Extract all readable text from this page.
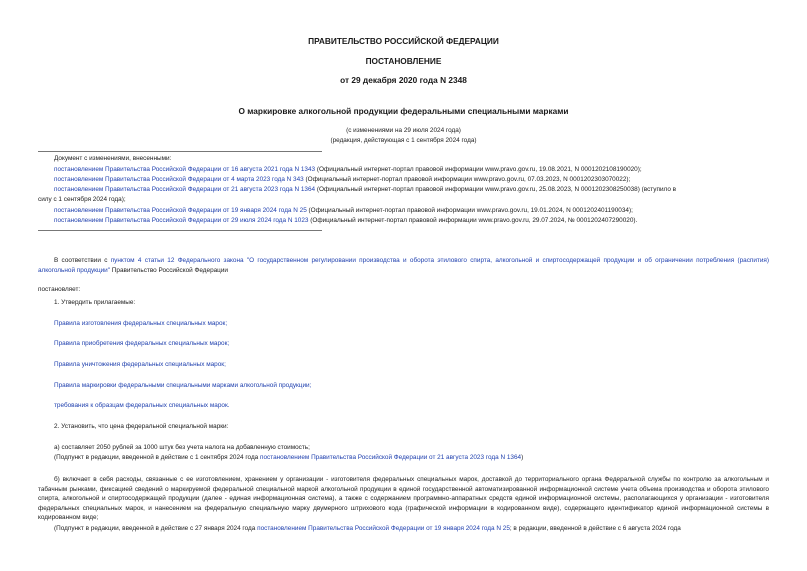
ПРАВИТЕЛЬСТВО РОССИЙСКОЙ ФЕДЕРАЦИИ
ПОСТАНОВЛЕНИЕ
от 29 декабря 2020 года N 2348
О маркировке алкогольной продукции федеральными специальными марками
(с изменениями на 29 июля 2024 года)
(редакция, действующая с 1 сентября 2024 года)
Документ с изменениями, внесенными:
постановлением Правительства Российской Федерации от 16 августа 2021 года N 1343 (Официальный интернет-портал правовой информации www.pravo.gov.ru, 19.08.2021, N 0001202108190020);
постановлением Правительства Российской Федерации от 4 марта 2023 года N 343 (Официальный интернет-портал правовой информации www.pravo.gov.ru, 07.03.2023, N 0001202303070022);
постановлением Правительства Российской Федерации от 21 августа 2023 года N 1364 (Официальный интернет-портал правовой информации www.pravo.gov.ru, 25.08.2023, N 0001202308250038) (вступило в
силу с 1 сентября 2024 года);
постановлением Правительства Российской Федерации от 19 января 2024 года N 25 (Официальный интернет-портал правовой информации www.pravo.gov.ru, 19.01.2024, N 0001202401190034);
постановлением Правительства Российской Федерации от 29 июля 2024 года N 1023 (Официальный интернет-портал правовой информации www.pravo.gov.ru, 29.07.2024, № 0001202407290020).
В соответствии с пунктом 4 статьи 12 Федерального закона "О государственном регулировании производства и оборота этилового спирта, алкогольной и спиртосодержащей продукции и об ограничении потребления (распития) алкогольной продукции" Правительство Российской Федерации
постановляет:
1. Утвердить прилагаемые:
Правила изготовления федеральных специальных марок;
Правила приобретения федеральных специальных марок;
Правила уничтожения федеральных специальных марок;
Правила маркировки федеральными специальными марками алкогольной продукции;
требования к образцам федеральных специальных марок.
2. Установить, что цена федеральной специальной марки:
а) составляет 2050 рублей за 1000 штук без учета налога на добавленную стоимость;
(Подпункт в редакции, введенной в действие с 1 сентября 2024 года постановлением Правительства Российской Федерации от 21 августа 2023 года N 1364)
б) включает в себя расходы, связанные с ее изготовлением, хранением у организации - изготовителя федеральных специальных марок, доставкой до территориального органа Федеральной службы по контролю за алкогольным и табачным рынками, фиксацией сведений о маркируемой федеральной специальной маркой алкогольной продукции в единой государственной автоматизированной информационной системе учета объема производства и оборота этилового спирта, алкогольной и спиртосодержащей продукции (далее - единая информационная система), а также с содержанием программно-аппаратных средств единой информационной системы, располагающихся у организации - изготовителя федеральных специальных марок, и нанесением на федеральную специальную марку двумерного штрихового кода (графической информации в кодированном виде), содержащего идентификатор единой информационной системы в кодированном виде;
(Подпункт в редакции, введенной в действие с 27 января 2024 года постановлением Правительства Российской Федерации от 19 января 2024 года N 25; в редакции, введенной в действие с 6 августа 2024 года
